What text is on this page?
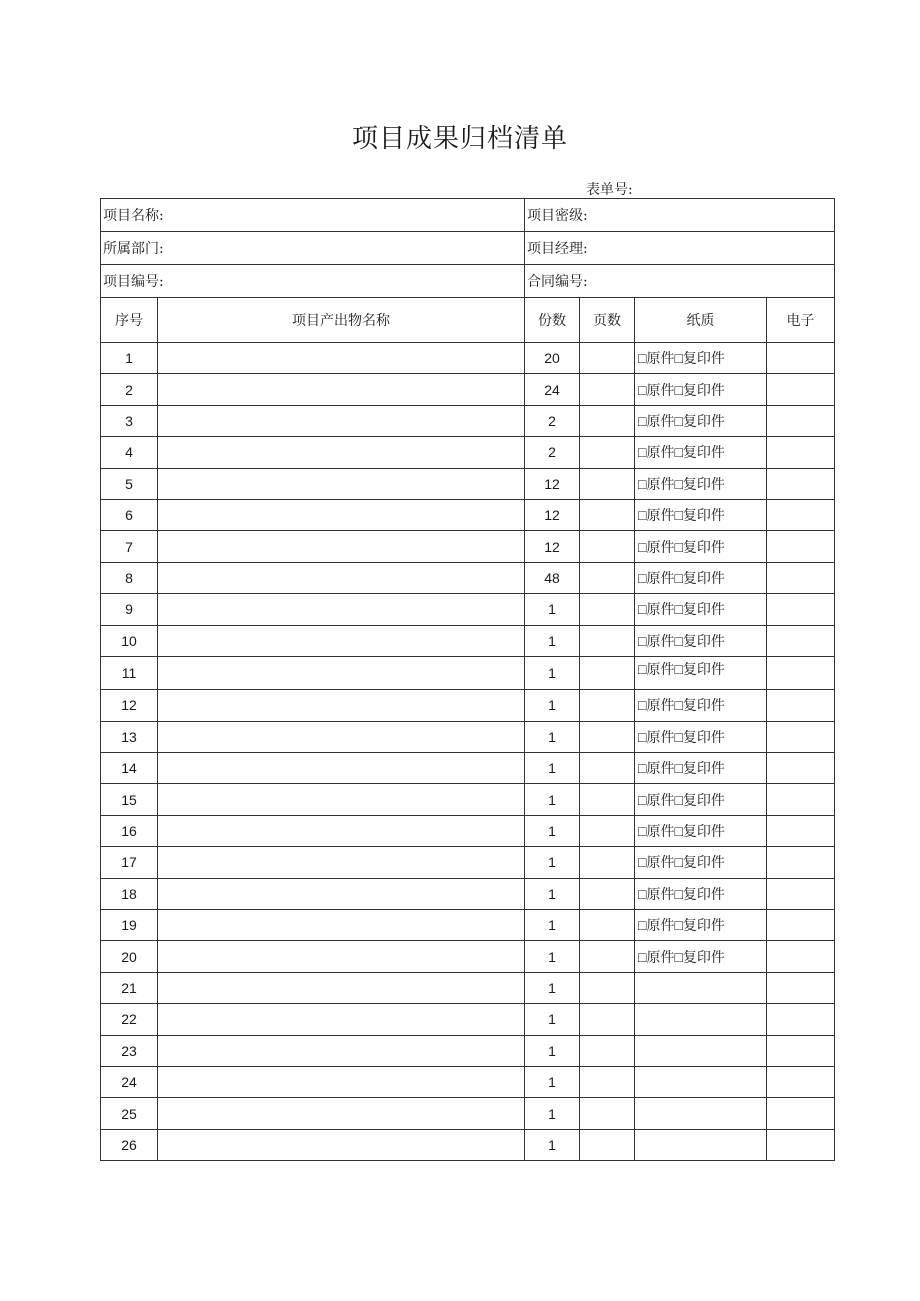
项目成果归档清单
表单号:
项目名称:		项目密级:			
所属部门:		项目经理:			
项目编号:		合同编号:			
序号	项目产出物名称	份数	页数	纸质	电子
1		20		□原件□复印件	
2		24		□原件□复印件	
3		2		□原件□复印件	
4		2		□原件□复印件	
5		12		□原件□复印件	
6		12		□原件□复印件	
7		12		□原件□复印件	
8		48		□原件□复印件	
9		1		□原件□复印件	
10		1		□原件□复印件	
11		1		□原件□复印件	
12		1		□原件□复印件	
13		1		□原件□复印件	
14		1		□原件□复印件	
15		1		□原件□复印件	
16		1		□原件□复印件	
17		1		□原件□复印件	
18		1		□原件□复印件	
19		1		□原件□复印件	
20		1		□原件□复印件	
21		1			
22		1			
23		1			
24		1			
25		1			
26		1			
